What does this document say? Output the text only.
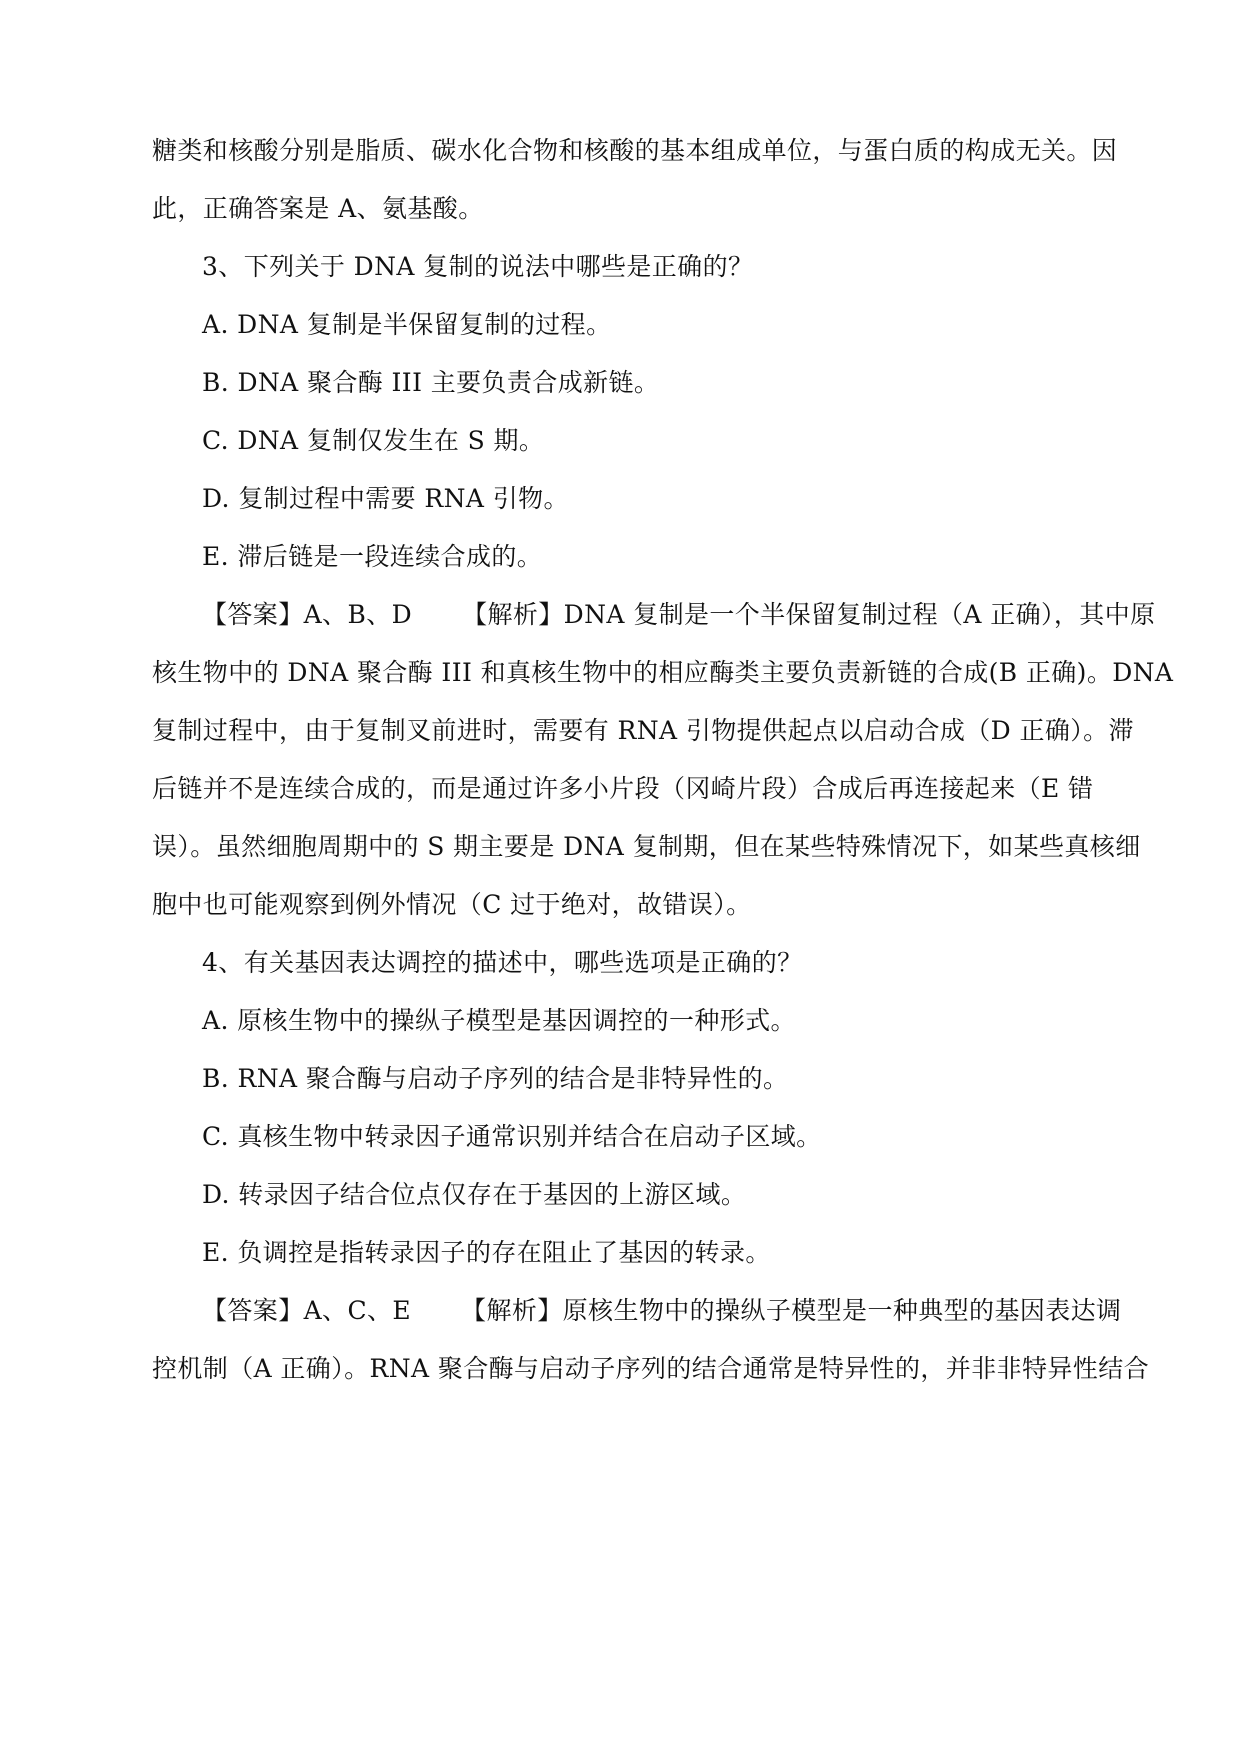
糖类和核酸分别是脂质、碳水化合物和核酸的基本组成单位，与蛋白质的构成无关。因
此，正确答案是 A、氨基酸。
3、下列关于 DNA 复制的说法中哪些是正确的？
A. DNA 复制是半保留复制的过程。
B. DNA 聚合酶 III 主要负责合成新链。
C. DNA 复制仅发生在 S 期。
D. 复制过程中需要 RNA 引物。
E. 滞后链是一段连续合成的。
【答案】A、B、D 【解析】DNA 复制是一个半保留复制过程（A 正确），其中原
核生物中的 DNA 聚合酶 III 和真核生物中的相应酶类主要负责新链的合成(B 正确)。DNA
复制过程中，由于复制叉前进时，需要有 RNA 引物提供起点以启动合成（D 正确）。滞
后链并不是连续合成的，而是通过许多小片段（冈崎片段）合成后再连接起来（E 错
误）。虽然细胞周期中的 S 期主要是 DNA 复制期，但在某些特殊情况下，如某些真核细
胞中也可能观察到例外情况（C 过于绝对，故错误）。
4、有关基因表达调控的描述中，哪些选项是正确的？
A. 原核生物中的操纵子模型是基因调控的一种形式。
B. RNA 聚合酶与启动子序列的结合是非特异性的。
C. 真核生物中转录因子通常识别并结合在启动子区域。
D. 转录因子结合位点仅存在于基因的上游区域。
E. 负调控是指转录因子的存在阻止了基因的转录。
【答案】A、C、E 【解析】原核生物中的操纵子模型是一种典型的基因表达调
控机制（A 正确）。RNA 聚合酶与启动子序列的结合通常是特异性的，并非非特异性结合
